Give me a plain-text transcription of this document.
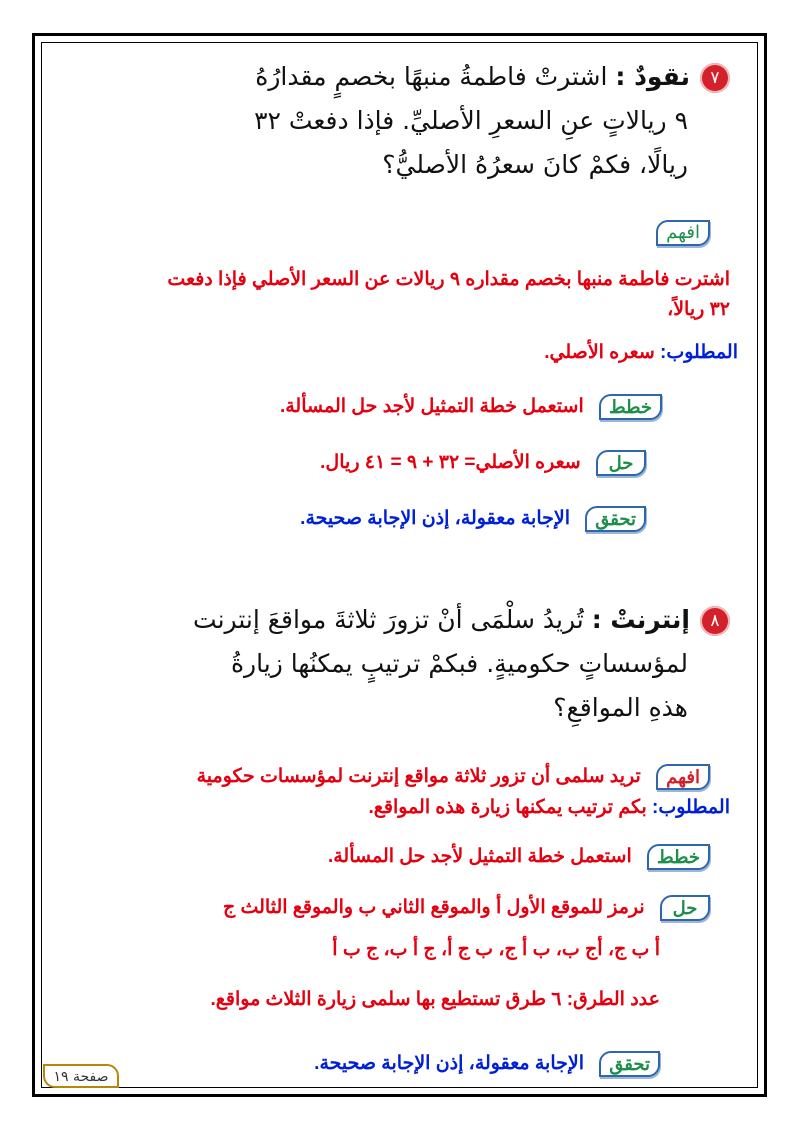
٧نقودٌ : اشترتْ فاطمةُ منبهًا بخصمٍ مقدارُهُ
٩ ريالاتٍ عنِ السعرِ الأصليِّ. فإذا دفعتْ ٣٢
ريالًا، فكمْ كانَ سعرُهُ الأصليُّ؟
افهم
اشترت فاطمة منبها بخصم مقداره ٩ ريالات عن السعر الأصلي فإذا دفعت
٣٢ ريالاً،
المطلوب: سعره الأصلي.
خطط استعمل خطة التمثيل لأجد حل المسألة.
حل سعره الأصلي= ٣٢ + ٩ = ٤١ ريال.
تحقق الإجابة معقولة، إذن الإجابة صحيحة.
٨إنترنتْ : تُريدُ سلْمَى أنْ تزورَ ثلاثةَ مواقعَ إنترنت
لمؤسساتٍ حكوميةٍ. فبكمْ ترتيبٍ يمكنُها زيارةُ
هذهِ المواقعِ؟
افهم تريد سلمى أن تزور ثلاثة مواقع إنترنت لمؤسسات حكومية
المطلوب: بكم ترتيب يمكنها زيارة هذه المواقع.
خطط استعمل خطة التمثيل لأجد حل المسألة.
حل نرمز للموقع الأول أ والموقع الثاني ب والموقع الثالث ج
أ ب ج، أج ب، ب أ ج، ب ج أ، ج أ ب، ج ب أ
عدد الطرق: ٦ طرق تستطيع بها سلمى زيارة الثلاث مواقع.
تحقق الإجابة معقولة، إذن الإجابة صحيحة.
صفحة ١٩
